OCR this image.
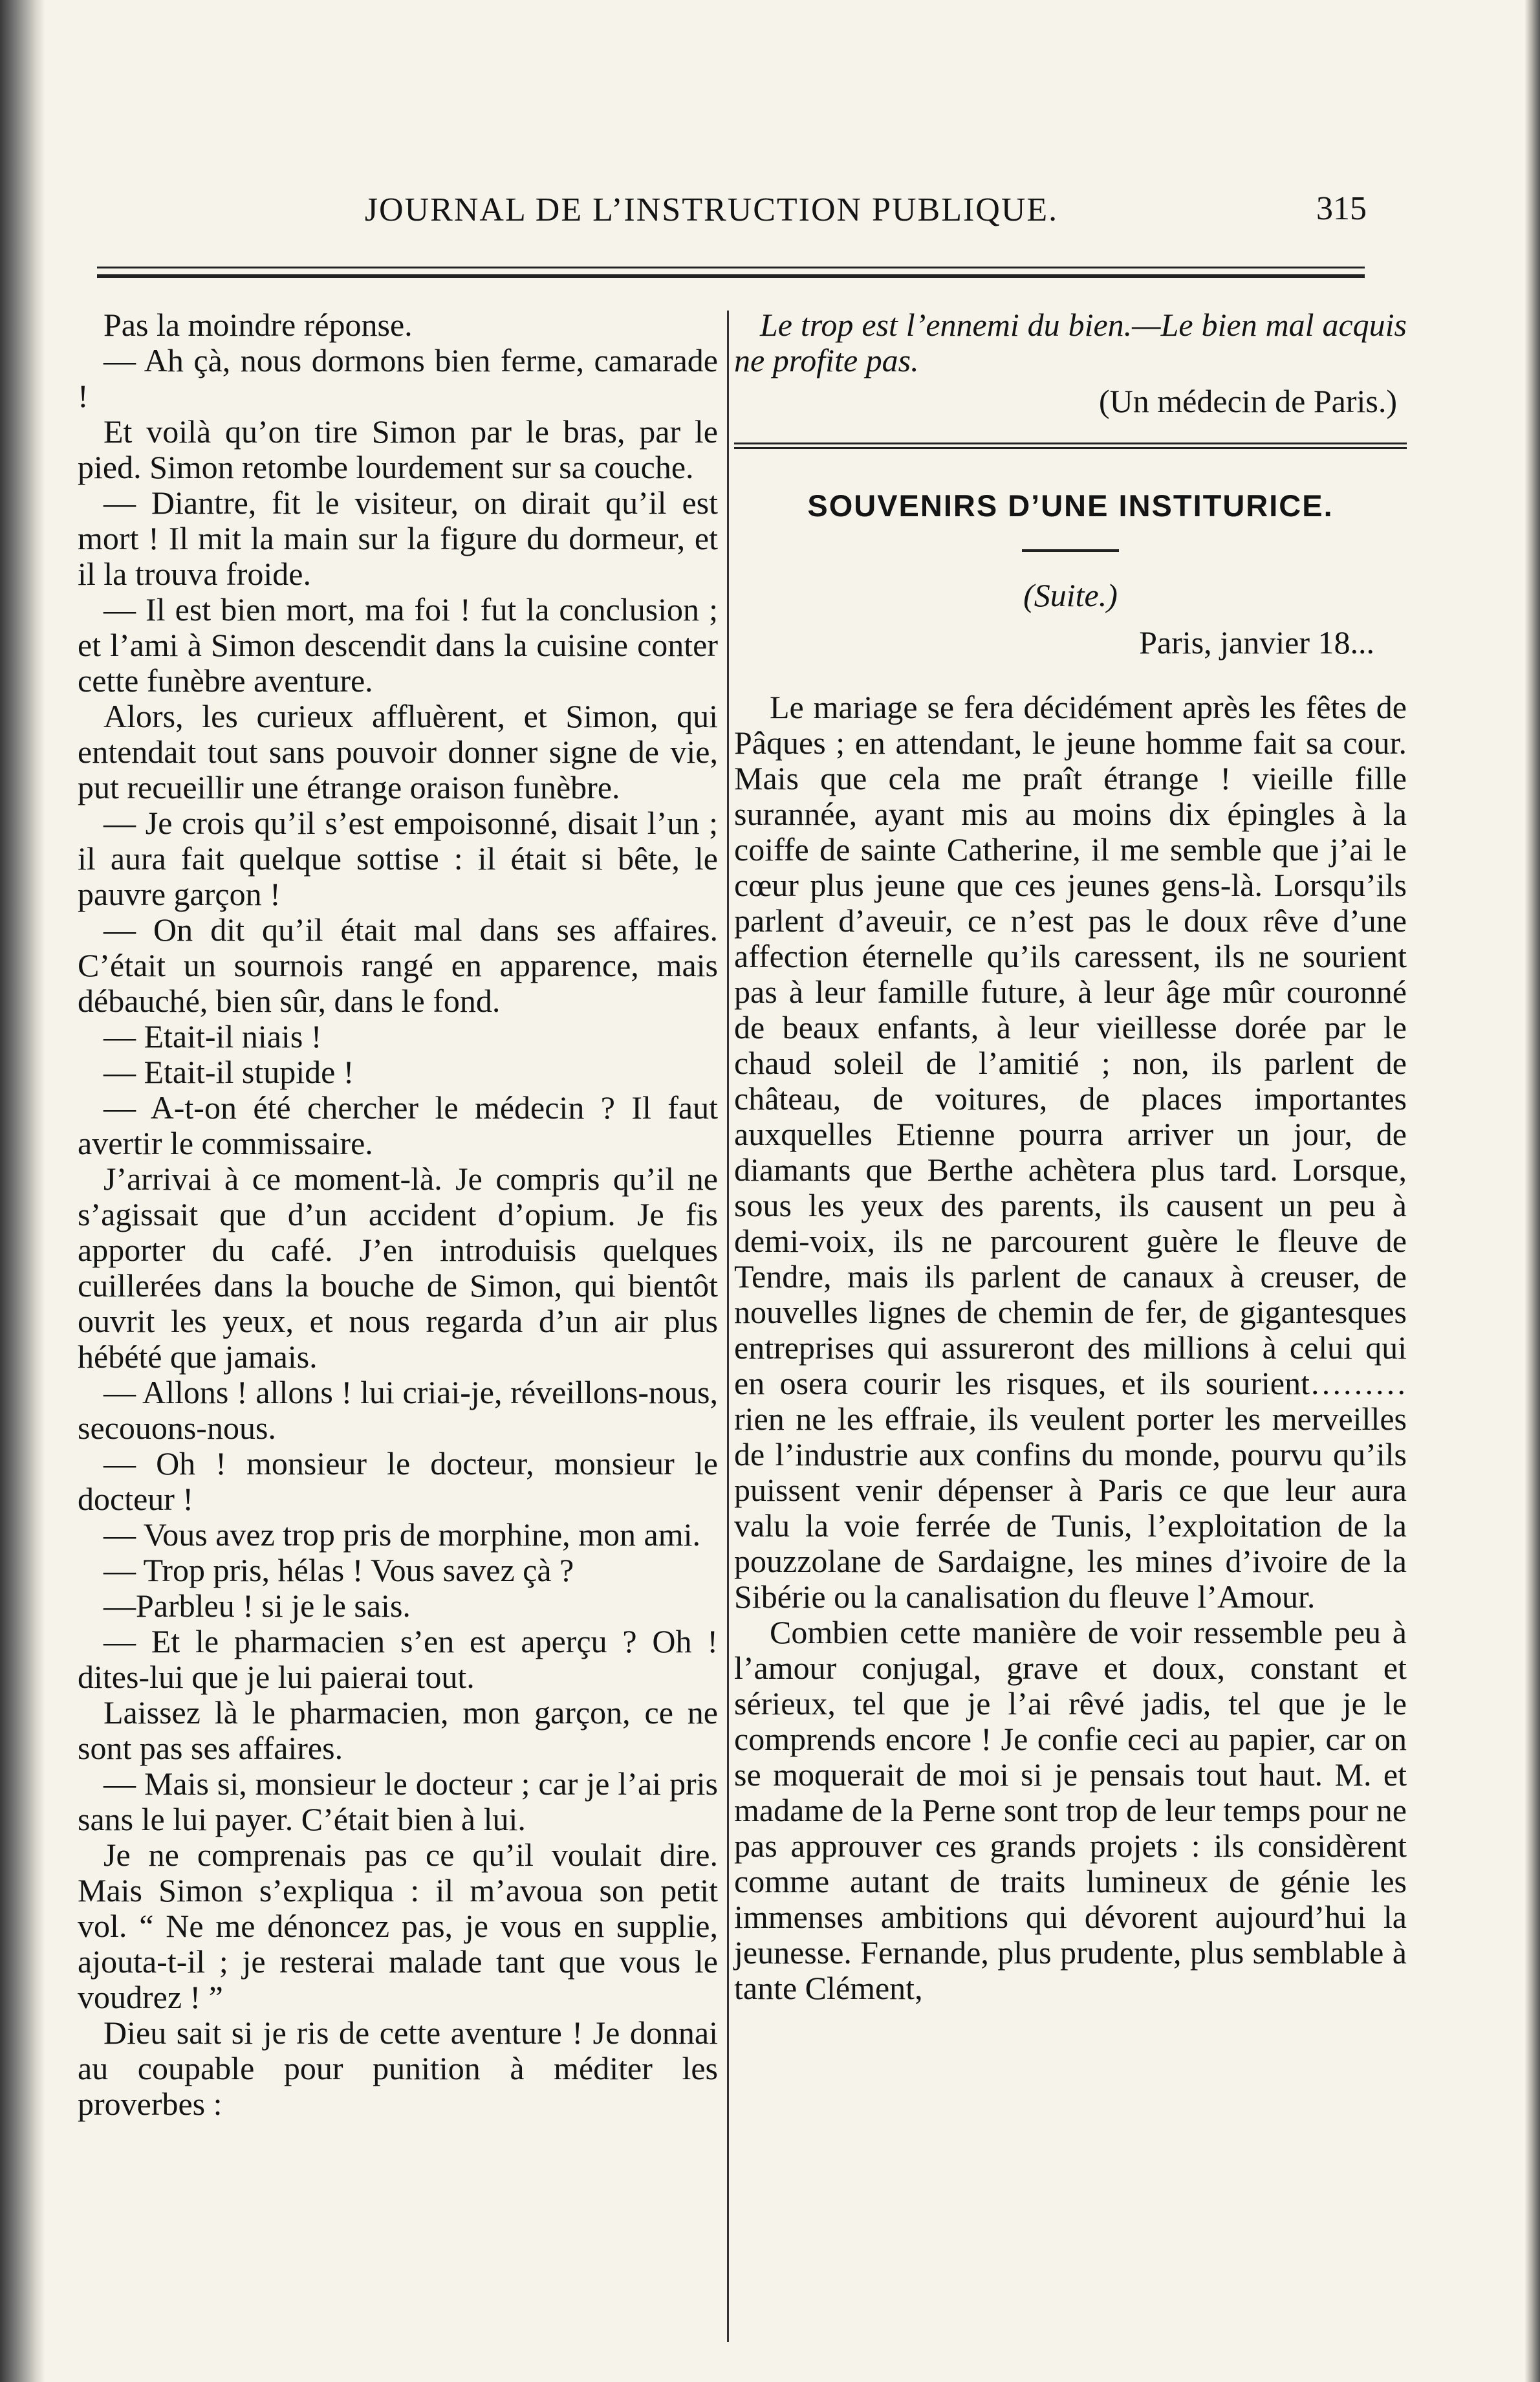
JOURNAL DE L’INSTRUCTION PUBLIQUE.	315

Pas la moindre réponse.

— Ah çà, nous dormons bien ferme, camarade !

Et voilà qu’on tire Simon par le bras, par le pied. Simon retombe lourdement sur sa couche.

— Diantre, fit le visiteur, on dirait qu’il est mort ! Il mit la main sur la figure du dormeur, et il la trouva froide.

— Il est bien mort, ma foi ! fut la conclusion ; et l’ami à Simon descendit dans la cuisine conter cette funèbre aventure.

Alors, les curieux affluèrent, et Simon, qui entendait tout sans pouvoir donner signe de vie, put recueillir une étrange oraison funèbre.

— Je crois qu’il s’est empoisonné, disait l’un ; il aura fait quelque sottise : il était si bête, le pauvre garçon !

— On dit qu’il était mal dans ses affaires. C’était un sournois rangé en apparence, mais débauché, bien sûr, dans le fond.

— Etait-il niais !

— Etait-il stupide !

— A-t-on été chercher le médecin ? Il faut avertir le commissaire.

J’arrivai à ce moment-là. Je compris qu’il ne s’agissait que d’un accident d’opium. Je fis apporter du café. J’en introduisis quelques cuillerées dans la bouche de Simon, qui bientôt ouvrit les yeux, et nous regarda d’un air plus hébété que jamais.

— Allons ! allons ! lui criai-je, réveillons-nous, secouons-nous.

— Oh ! monsieur le docteur, monsieur le docteur !

— Vous avez trop pris de morphine, mon ami.

— Trop pris, hélas ! Vous savez çà ?

—Parbleu ! si je le sais.

— Et le pharmacien s’en est aperçu ? Oh ! dites-lui que je lui paierai tout.

Laissez là le pharmacien, mon garçon, ce ne sont pas ses affaires.

— Mais si, monsieur le docteur ; car je l’ai pris sans le lui payer. C’était bien à lui.

Je ne comprenais pas ce qu’il voulait dire. Mais Simon s’expliqua : il m’avoua son petit vol. “ Ne me dénoncez pas, je vous en supplie, ajouta-t-il ; je resterai malade tant que vous le voudrez ! ”

Dieu sait si je ris de cette aventure ! Je donnai au coupable pour punition à méditer les proverbes :

Le trop est l’ennemi du bien.—Le bien mal acquis ne profite pas.

(Un médecin de Paris.)

SOUVENIRS D’UNE INSTITURICE.

(Suite.)

Paris, janvier 18...

Le mariage se fera décidément après les fêtes de Pâques ; en attendant, le jeune homme fait sa cour. Mais que cela me praît étrange ! vieille fille surannée, ayant mis au moins dix épingles à la coiffe de sainte Catherine, il me semble que j’ai le cœur plus jeune que ces jeunes gens-là. Lorsqu’ils parlent d’aveuir, ce n’est pas le doux rêve d’une affection éternelle qu’ils caressent, ils ne sourient pas à leur famille future, à leur âge mûr couronné de beaux enfants, à leur vieillesse dorée par le chaud soleil de l’amitié ; non, ils parlent de château, de voitures, de places importantes auxquelles Etienne pourra arriver un jour, de diamants que Berthe achètera plus tard. Lorsque, sous les yeux des parents, ils causent un peu à demi-voix, ils ne parcourent guère le fleuve de Tendre, mais ils parlent de canaux à creuser, de nouvelles lignes de chemin de fer, de gigantesques entreprises qui assureront des millions à celui qui en osera courir les risques, et ils sourient……… rien ne les effraie, ils veulent porter les merveilles de l’industrie aux confins du monde, pourvu qu’ils puissent venir dépenser à Paris ce que leur aura valu la voie ferrée de Tunis, l’exploitation de la pouzzolane de Sardaigne, les mines d’ivoire de la Sibérie ou la canalisation du fleuve l’Amour.

Combien cette manière de voir ressemble peu à l’amour conjugal, grave et doux, constant et sérieux, tel que je l’ai rêvé jadis, tel que je le comprends encore ! Je confie ceci au papier, car on se moquerait de moi si je pensais tout haut. M. et madame de la Perne sont trop de leur temps pour ne pas approuver ces grands projets : ils considèrent comme autant de traits lumineux de génie les immenses ambitions qui dévorent aujourd’hui la jeunesse. Fernande, plus prudente, plus semblable à tante Clément,
